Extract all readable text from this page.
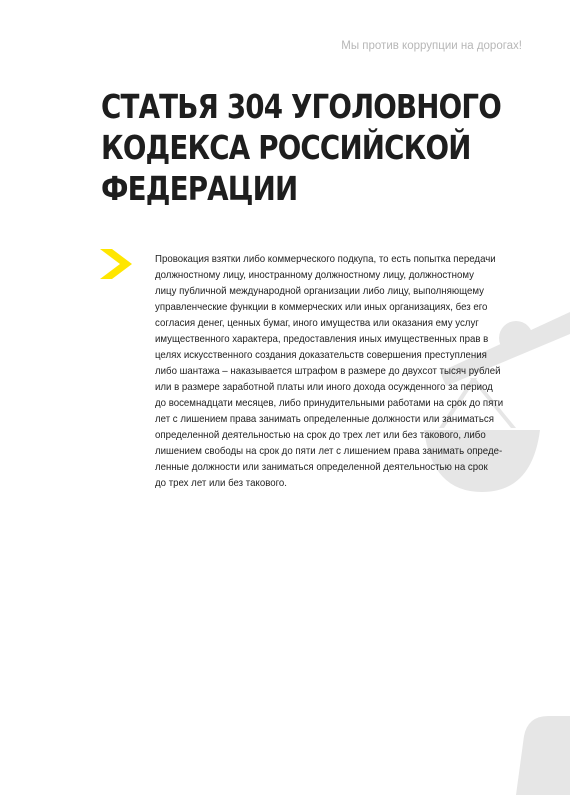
Мы против коррупции на дорогах!
СТАТЬЯ 304 УГОЛОВНОГО
КОДЕКСА РОССИЙСКОЙ
ФЕДЕРАЦИИ
Провокация взятки либо коммерческого подкупа, то есть попытка передачи
должностному лицу, иностранному должностному лицу, должностному
лицу публичной международной организации либо лицу, выполняющему
управленческие функции в коммерческих или иных организациях, без его
согласия денег, ценных бумаг, иного имущества или оказания ему услуг
имущественного характера, предоставления иных имущественных прав в
целях искусственного создания доказательств совершения преступления
либо шантажа – наказывается штрафом в размере до двухсот тысяч рублей
или в размере заработной платы или иного дохода осужденного за период
до восемнадцати месяцев, либо принудительными работами на срок до пяти
лет с лишением права занимать определенные должности или заниматься
определенной деятельностью на срок до трех лет или без такового, либо
лишением свободы на срок до пяти лет с лишением права занимать опреде-
ленные должности или заниматься определенной деятельностью на срок
до трех лет или без такового.
